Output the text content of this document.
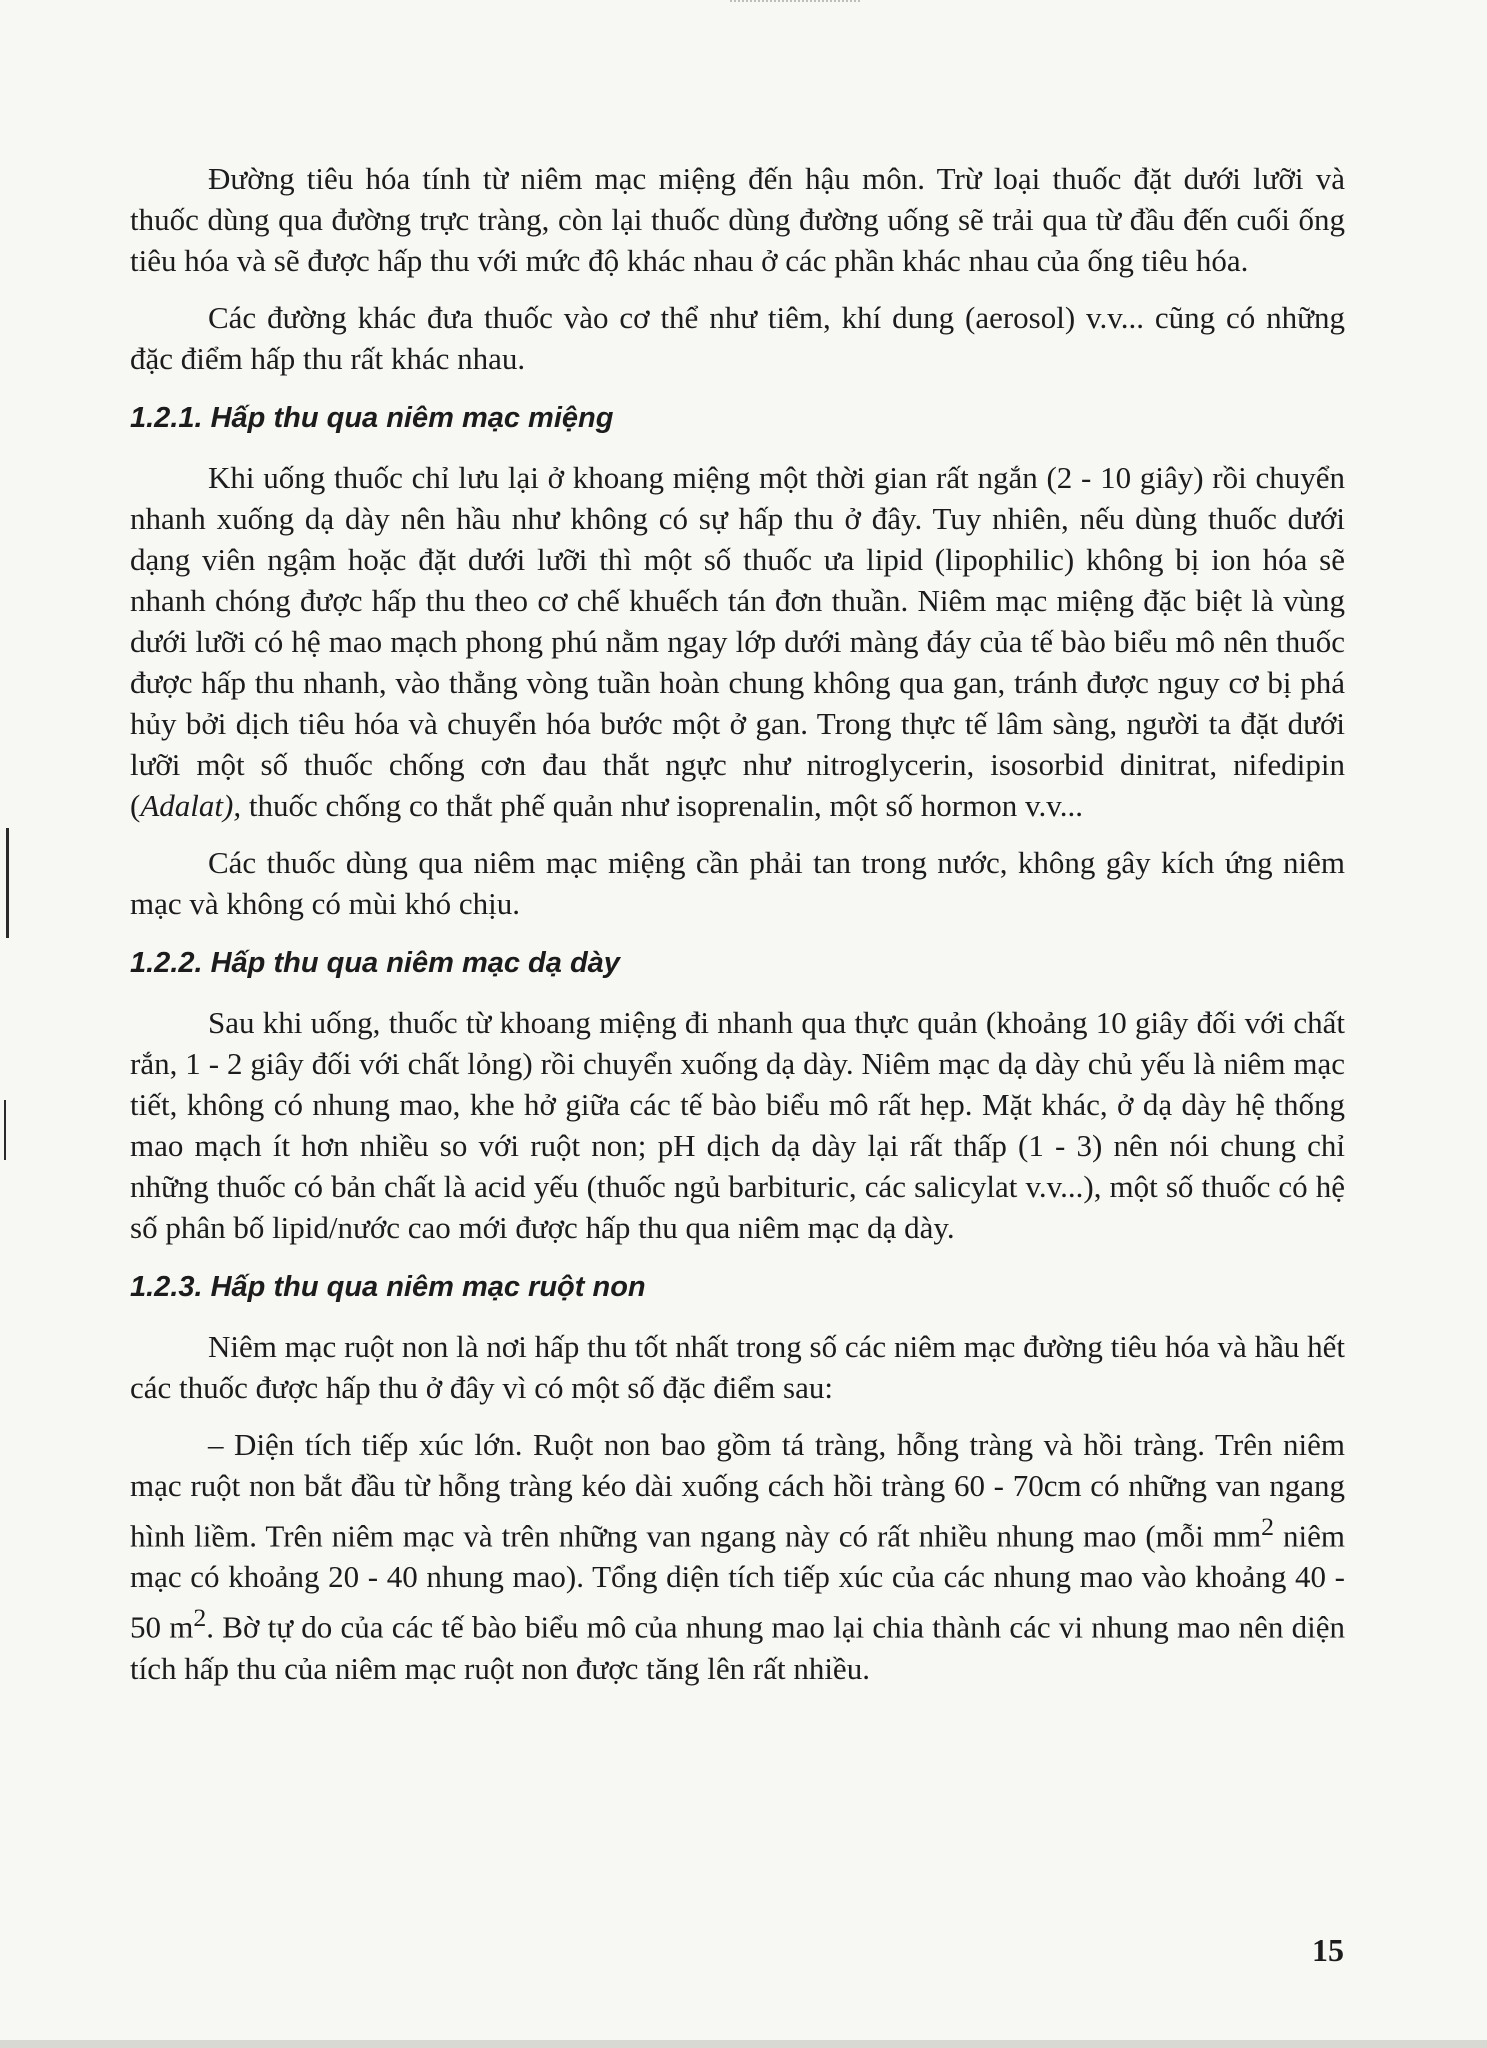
Đường tiêu hóa tính từ niêm mạc miệng đến hậu môn. Trừ loại thuốc đặt dưới lưỡi và thuốc dùng qua đường trực tràng, còn lại thuốc dùng đường uống sẽ trải qua từ đầu đến cuối ống tiêu hóa và sẽ được hấp thu với mức độ khác nhau ở các phần khác nhau của ống tiêu hóa.

Các đường khác đưa thuốc vào cơ thể như tiêm, khí dung (aerosol) v.v... cũng có những đặc điểm hấp thu rất khác nhau.

1.2.1. Hấp thu qua niêm mạc miệng

Khi uống thuốc chỉ lưu lại ở khoang miệng một thời gian rất ngắn (2 - 10 giây) rồi chuyển nhanh xuống dạ dày nên hầu như không có sự hấp thu ở đây. Tuy nhiên, nếu dùng thuốc dưới dạng viên ngậm hoặc đặt dưới lưỡi thì một số thuốc ưa lipid (lipophilic) không bị ion hóa sẽ nhanh chóng được hấp thu theo cơ chế khuếch tán đơn thuần. Niêm mạc miệng đặc biệt là vùng dưới lưỡi có hệ mao mạch phong phú nằm ngay lớp dưới màng đáy của tế bào biểu mô nên thuốc được hấp thu nhanh, vào thẳng vòng tuần hoàn chung không qua gan, tránh được nguy cơ bị phá hủy bởi dịch tiêu hóa và chuyển hóa bước một ở gan. Trong thực tế lâm sàng, người ta đặt dưới lưỡi một số thuốc chống cơn đau thắt ngực như nitroglycerin, isosorbid dinitrat, nifedipin (Adalat), thuốc chống co thắt phế quản như isoprenalin, một số hormon v.v...

Các thuốc dùng qua niêm mạc miệng cần phải tan trong nước, không gây kích ứng niêm mạc và không có mùi khó chịu.

1.2.2. Hấp thu qua niêm mạc dạ dày

Sau khi uống, thuốc từ khoang miệng đi nhanh qua thực quản (khoảng 10 giây đối với chất rắn, 1 - 2 giây đối với chất lỏng) rồi chuyển xuống dạ dày. Niêm mạc dạ dày chủ yếu là niêm mạc tiết, không có nhung mao, khe hở giữa các tế bào biểu mô rất hẹp. Mặt khác, ở dạ dày hệ thống mao mạch ít hơn nhiều so với ruột non; pH dịch dạ dày lại rất thấp (1 - 3) nên nói chung chỉ những thuốc có bản chất là acid yếu (thuốc ngủ barbituric, các salicylat v.v...), một số thuốc có hệ số phân bố lipid/nước cao mới được hấp thu qua niêm mạc dạ dày.

1.2.3. Hấp thu qua niêm mạc ruột non

Niêm mạc ruột non là nơi hấp thu tốt nhất trong số các niêm mạc đường tiêu hóa và hầu hết các thuốc được hấp thu ở đây vì có một số đặc điểm sau:

– Diện tích tiếp xúc lớn. Ruột non bao gồm tá tràng, hỗng tràng và hồi tràng. Trên niêm mạc ruột non bắt đầu từ hỗng tràng kéo dài xuống cách hồi tràng 60 - 70cm có những van ngang hình liềm. Trên niêm mạc và trên những van ngang này có rất nhiều nhung mao (mỗi $mm^2$ niêm mạc có khoảng 20 - 40 nhung mao). Tổng diện tích tiếp xúc của các nhung mao vào khoảng 40 - 50 $m^2$. Bờ tự do của các tế bào biểu mô của nhung mao lại chia thành các vi nhung mao nên diện tích hấp thu của niêm mạc ruột non được tăng lên rất nhiều.

15
